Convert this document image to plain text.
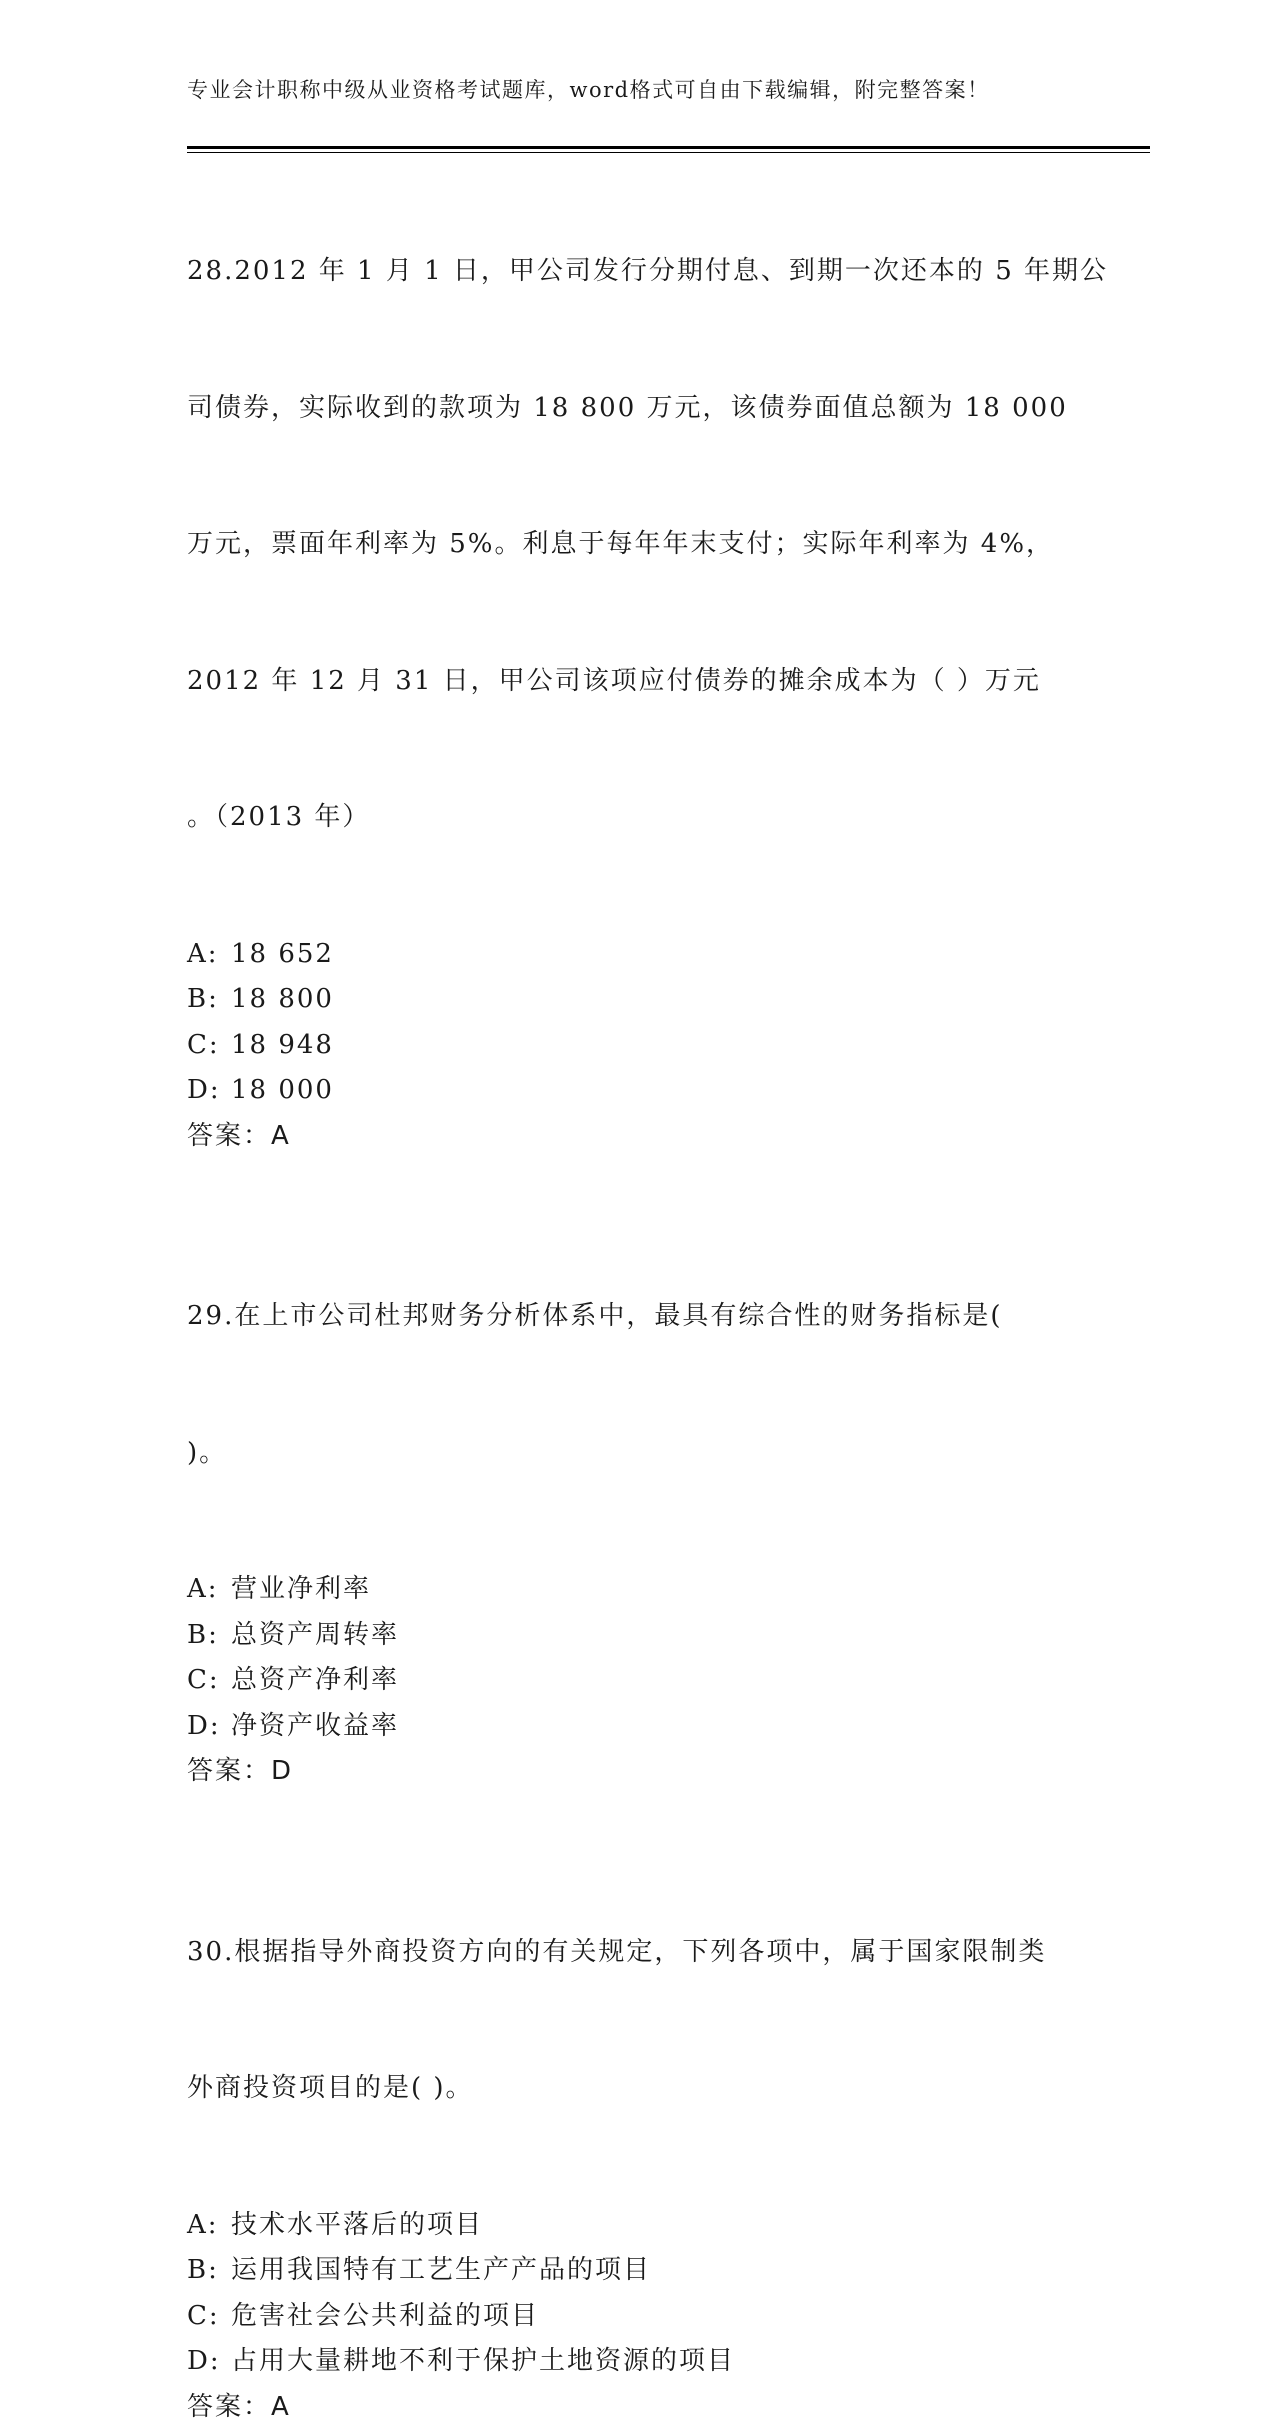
专业会计职称中级从业资格考试题库，word格式可自由下载编辑，附完整答案！

28.2012 年 1 月 1 日，甲公司发行分期付息、到期一次还本的 5 年期公

司债券，实际收到的款项为 18 800 万元，该债券面值总额为 18 000

万元，票面年利率为 5%。利息于每年年末支付；实际年利率为 4%，

2012 年 12 月 31 日，甲公司该项应付债券的摊余成本为（ ）万元

。（2013 年）

A: 18 652
B: 18 800
C: 18 948
D: 18 000
答案：A

29.在上市公司杜邦财务分析体系中，最具有综合性的财务指标是(

)。

A: 营业净利率
B: 总资产周转率
C: 总资产净利率
D: 净资产收益率
答案：D

30.根据指导外商投资方向的有关规定，下列各项中，属于国家限制类

外商投资项目的是( )。

A: 技术水平落后的项目
B: 运用我国特有工艺生产产品的项目
C: 危害社会公共利益的项目
D: 占用大量耕地不利于保护土地资源的项目
答案：A
